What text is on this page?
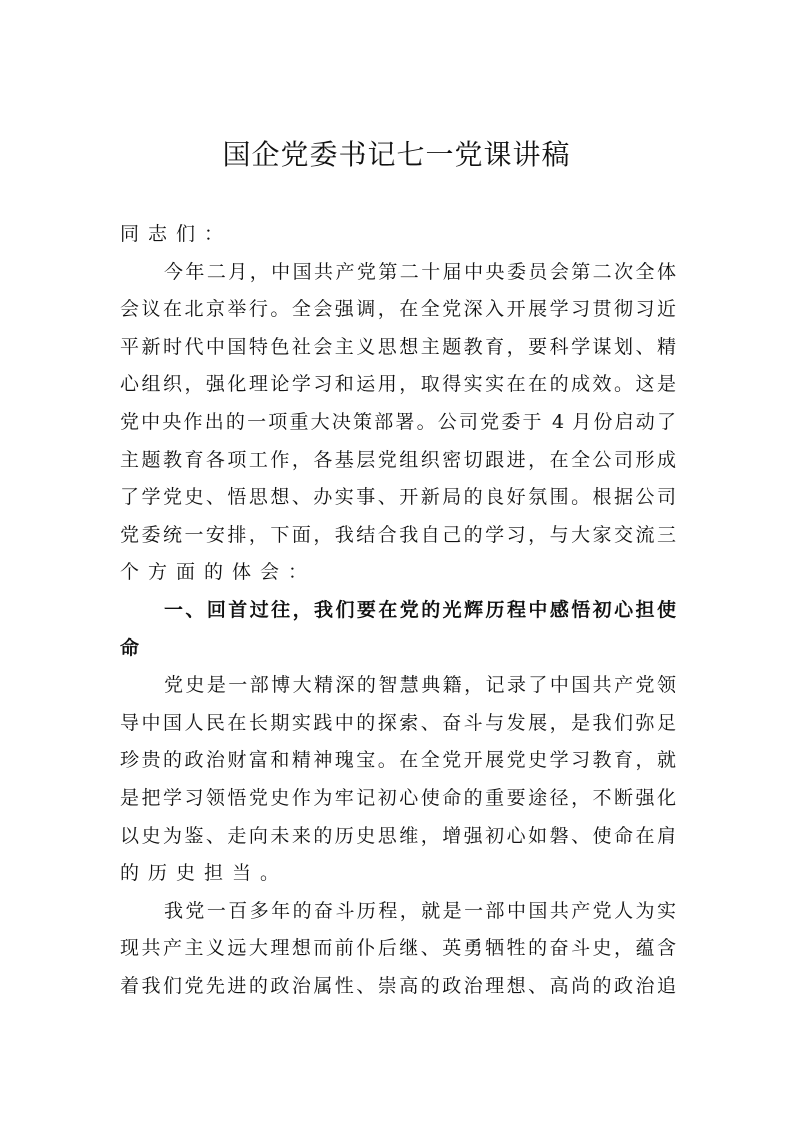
国企党委书记七一党课讲稿
同志们：
今年二月，中国共产党第二十届中央委员会第二次全体
会议在北京举行。全会强调，在全党深入开展学习贯彻习近
平新时代中国特色社会主义思想主题教育，要科学谋划、精
心组织，强化理论学习和运用，取得实实在在的成效。这是
党中央作出的一项重大决策部署。公司党委于 4 月份启动了
主题教育各项工作，各基层党组织密切跟进，在全公司形成
了学党史、悟思想、办实事、开新局的良好氛围。根据公司
党委统一安排，下面，我结合我自己的学习，与大家交流三
个方面的体会：
一、回首过往，我们要在党的光辉历程中感悟初心担使
命
党史是一部博大精深的智慧典籍，记录了中国共产党领
导中国人民在长期实践中的探索、奋斗与发展，是我们弥足
珍贵的政治财富和精神瑰宝。在全党开展党史学习教育，就
是把学习领悟党史作为牢记初心使命的重要途径，不断强化
以史为鉴、走向未来的历史思维，增强初心如磐、使命在肩
的历史担当。
我党一百多年的奋斗历程，就是一部中国共产党人为实
现共产主义远大理想而前仆后继、英勇牺牲的奋斗史，蕴含
着我们党先进的政治属性、崇高的政治理想、高尚的政治追
